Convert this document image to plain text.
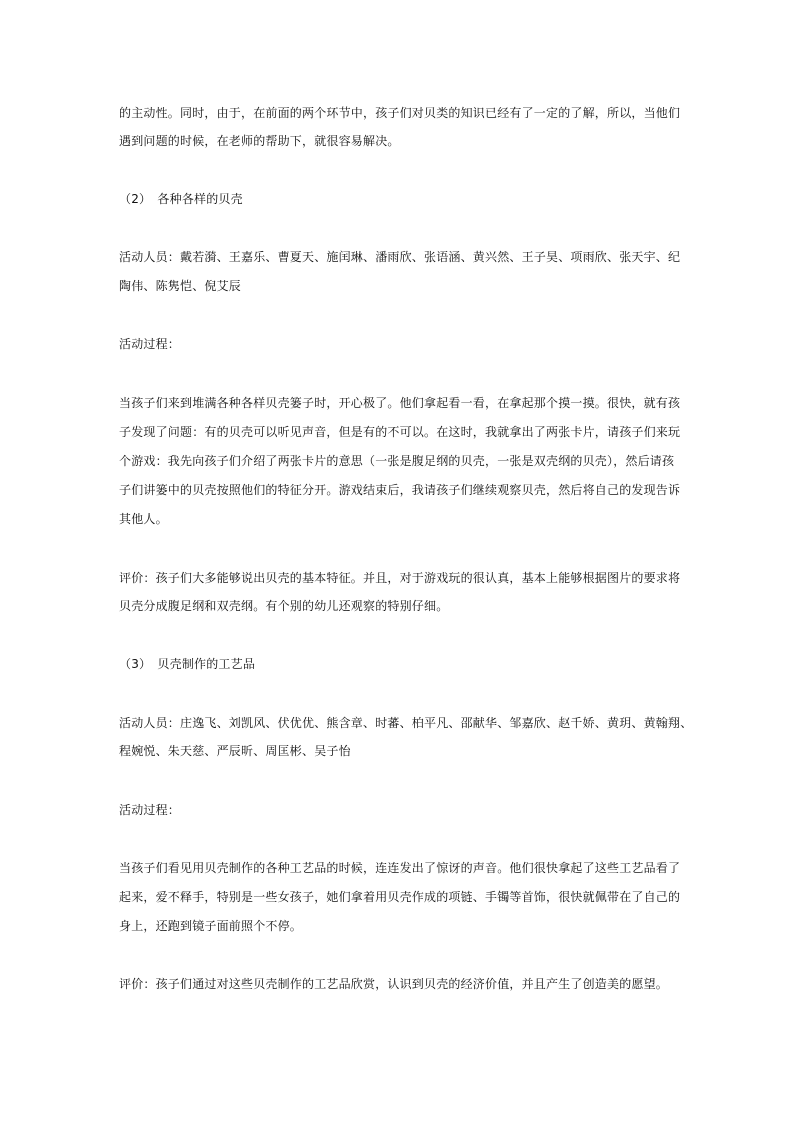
的主动性。同时，由于，在前面的两个环节中，孩子们对贝类的知识已经有了一定的了解，所以，当他们
遇到问题的时候，在老师的帮助下，就很容易解决。
（2）　各种各样的贝壳
活动人员：戴若漪、王嘉乐、曹夏天、施闰琳、潘雨欣、张语涵、黄兴然、王子昊、项雨欣、张天宇、纪
陶伟、陈隽恺、倪艾辰
活动过程：
当孩子们来到堆满各种各样贝壳篓子时，开心极了。他们拿起看一看，在拿起那个摸一摸。很快，就有孩
子发现了问题：有的贝壳可以听见声音，但是有的不可以。在这时，我就拿出了两张卡片，请孩子们来玩
个游戏：我先向孩子们介绍了两张卡片的意思（一张是腹足纲的贝壳，一张是双壳纲的贝壳），然后请孩
子们讲篓中的贝壳按照他们的特征分开。游戏结束后，我请孩子们继续观察贝壳，然后将自己的发现告诉
其他人。
评价：孩子们大多能够说出贝壳的基本特征。并且，对于游戏玩的很认真，基本上能够根据图片的要求将
贝壳分成腹足纲和双壳纲。有个别的幼儿还观察的特别仔细。
（3）　贝壳制作的工艺品
活动人员：庄逸飞、刘凯风、伏优优、熊含章、时蕃、柏平凡、邵献华、邹嘉欣、赵千娇、黄玥、黄翰翔、
程婉悦、朱天慈、严辰昕、周匡彬、吴子怡
活动过程：
当孩子们看见用贝壳制作的各种工艺品的时候，连连发出了惊讶的声音。他们很快拿起了这些工艺品看了
起来，爱不释手，特别是一些女孩子，她们拿着用贝壳作成的项链、手镯等首饰，很快就佩带在了自己的
身上，还跑到镜子面前照个不停。
评价：孩子们通过对这些贝壳制作的工艺品欣赏，认识到贝壳的经济价值，并且产生了创造美的愿望。
